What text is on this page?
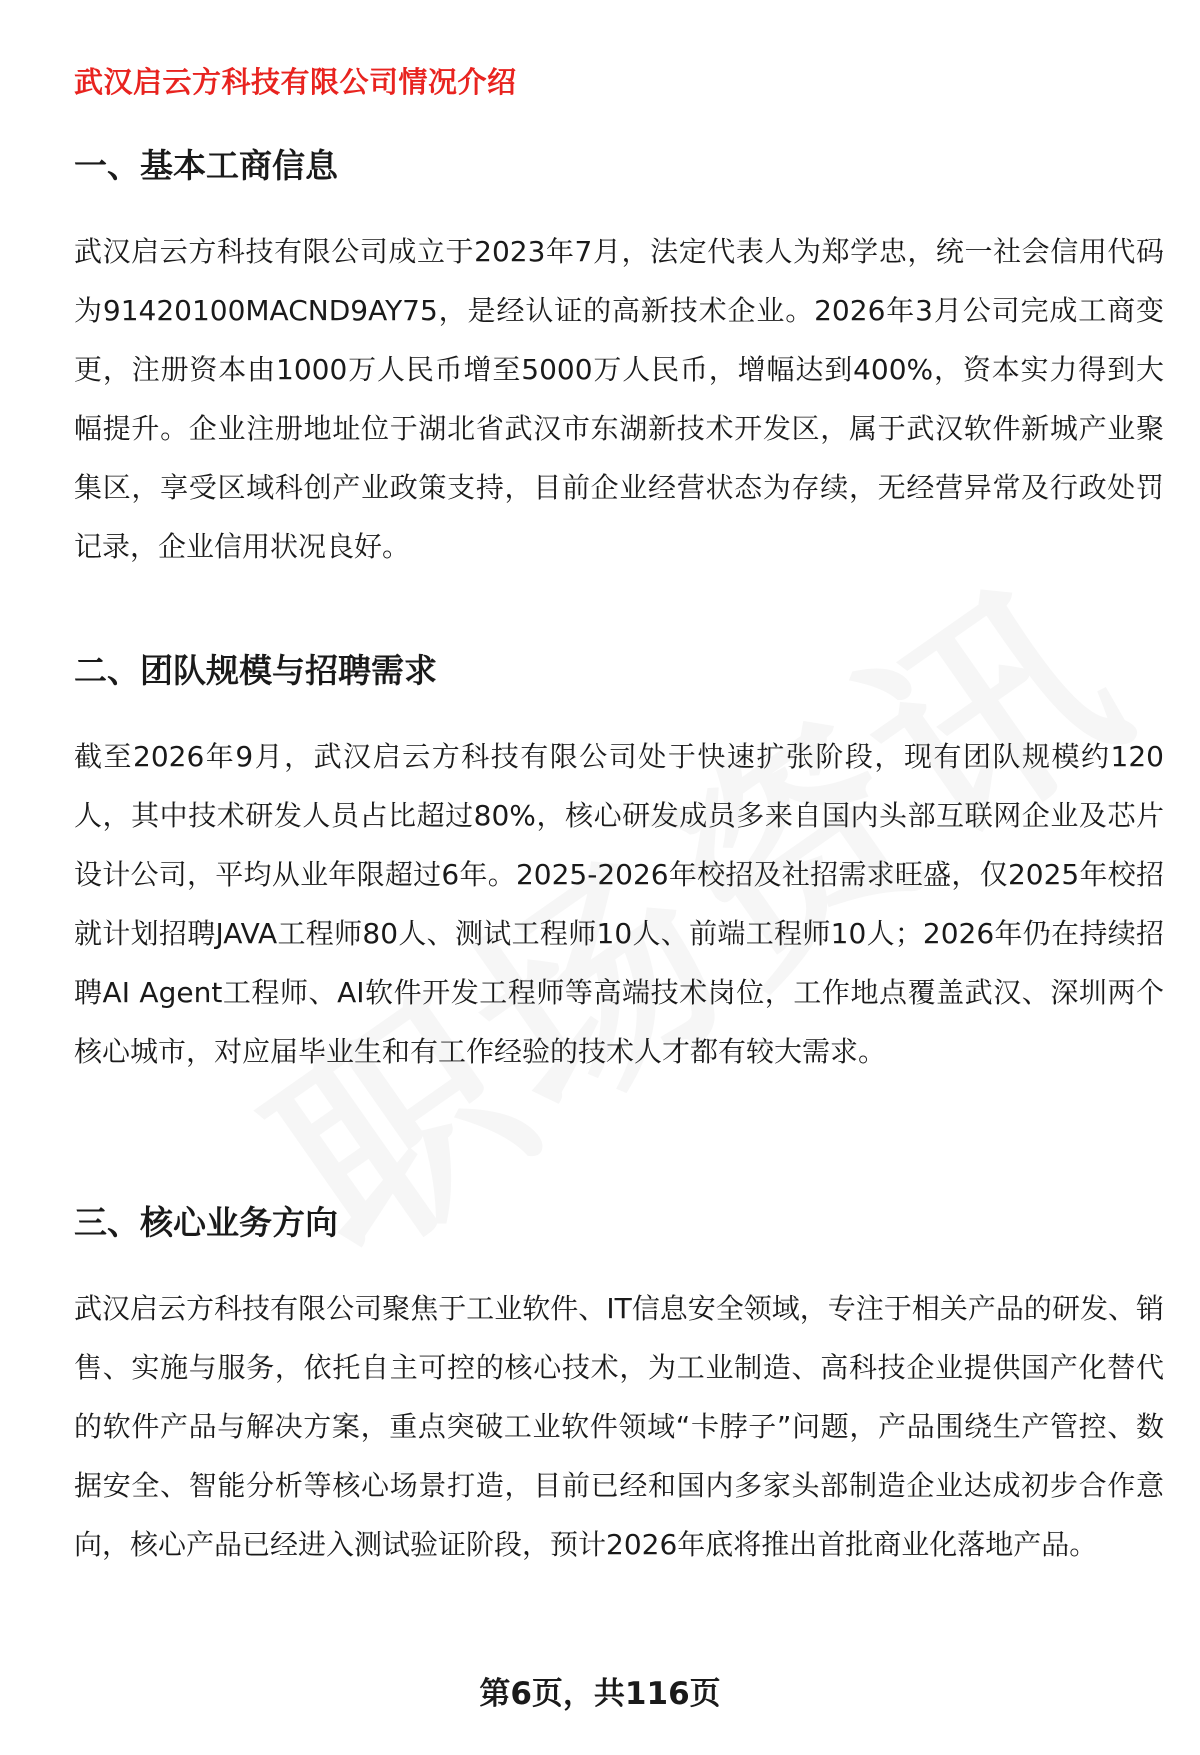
武汉启云方科技有限公司情况介绍
一、基本工商信息

武汉启云方科技有限公司成立于2023年7月，法定代表人为郑学忠，统一社会信用代码为91420100MACND9AY75，是经认证的高新技术企业。2026年3月公司完成工商变更，注册资本由1000万人民币增至5000万人民币，增幅达到400%，资本实力得到大幅提升。企业注册地址位于湖北省武汉市东湖新技术开发区，属于武汉软件新城产业聚集区，享受区域科创产业政策支持，目前企业经营状态为存续，无经营异常及行政处罚记录，企业信用状况良好。

二、团队规模与招聘需求

截至2026年9月，武汉启云方科技有限公司处于快速扩张阶段，现有团队规模约120人，其中技术研发人员占比超过80%，核心研发成员多来自国内头部互联网企业及芯片设计公司，平均从业年限超过6年。2025-2026年校招及社招需求旺盛，仅2025年校招就计划招聘JAVA工程师80人、测试工程师10人、前端工程师10人；2026年仍在持续招聘AI Agent工程师、AI软件开发工程师等高端技术岗位，工作地点覆盖武汉、深圳两个核心城市，对应届毕业生和有工作经验的技术人才都有较大需求。

三、核心业务方向

武汉启云方科技有限公司聚焦于工业软件、IT信息安全领域，专注于相关产品的研发、销售、实施与服务，依托自主可控的核心技术，为工业制造、高科技企业提供国产化替代的软件产品与解决方案，重点突破工业软件领域“卡脖子”问题，产品围绕生产管控、数据安全、智能分析等核心场景打造，目前已经和国内多家头部制造企业达成初步合作意向，核心产品已经进入测试验证阶段，预计2026年底将推出首批商业化落地产品。

第6页，共116页
